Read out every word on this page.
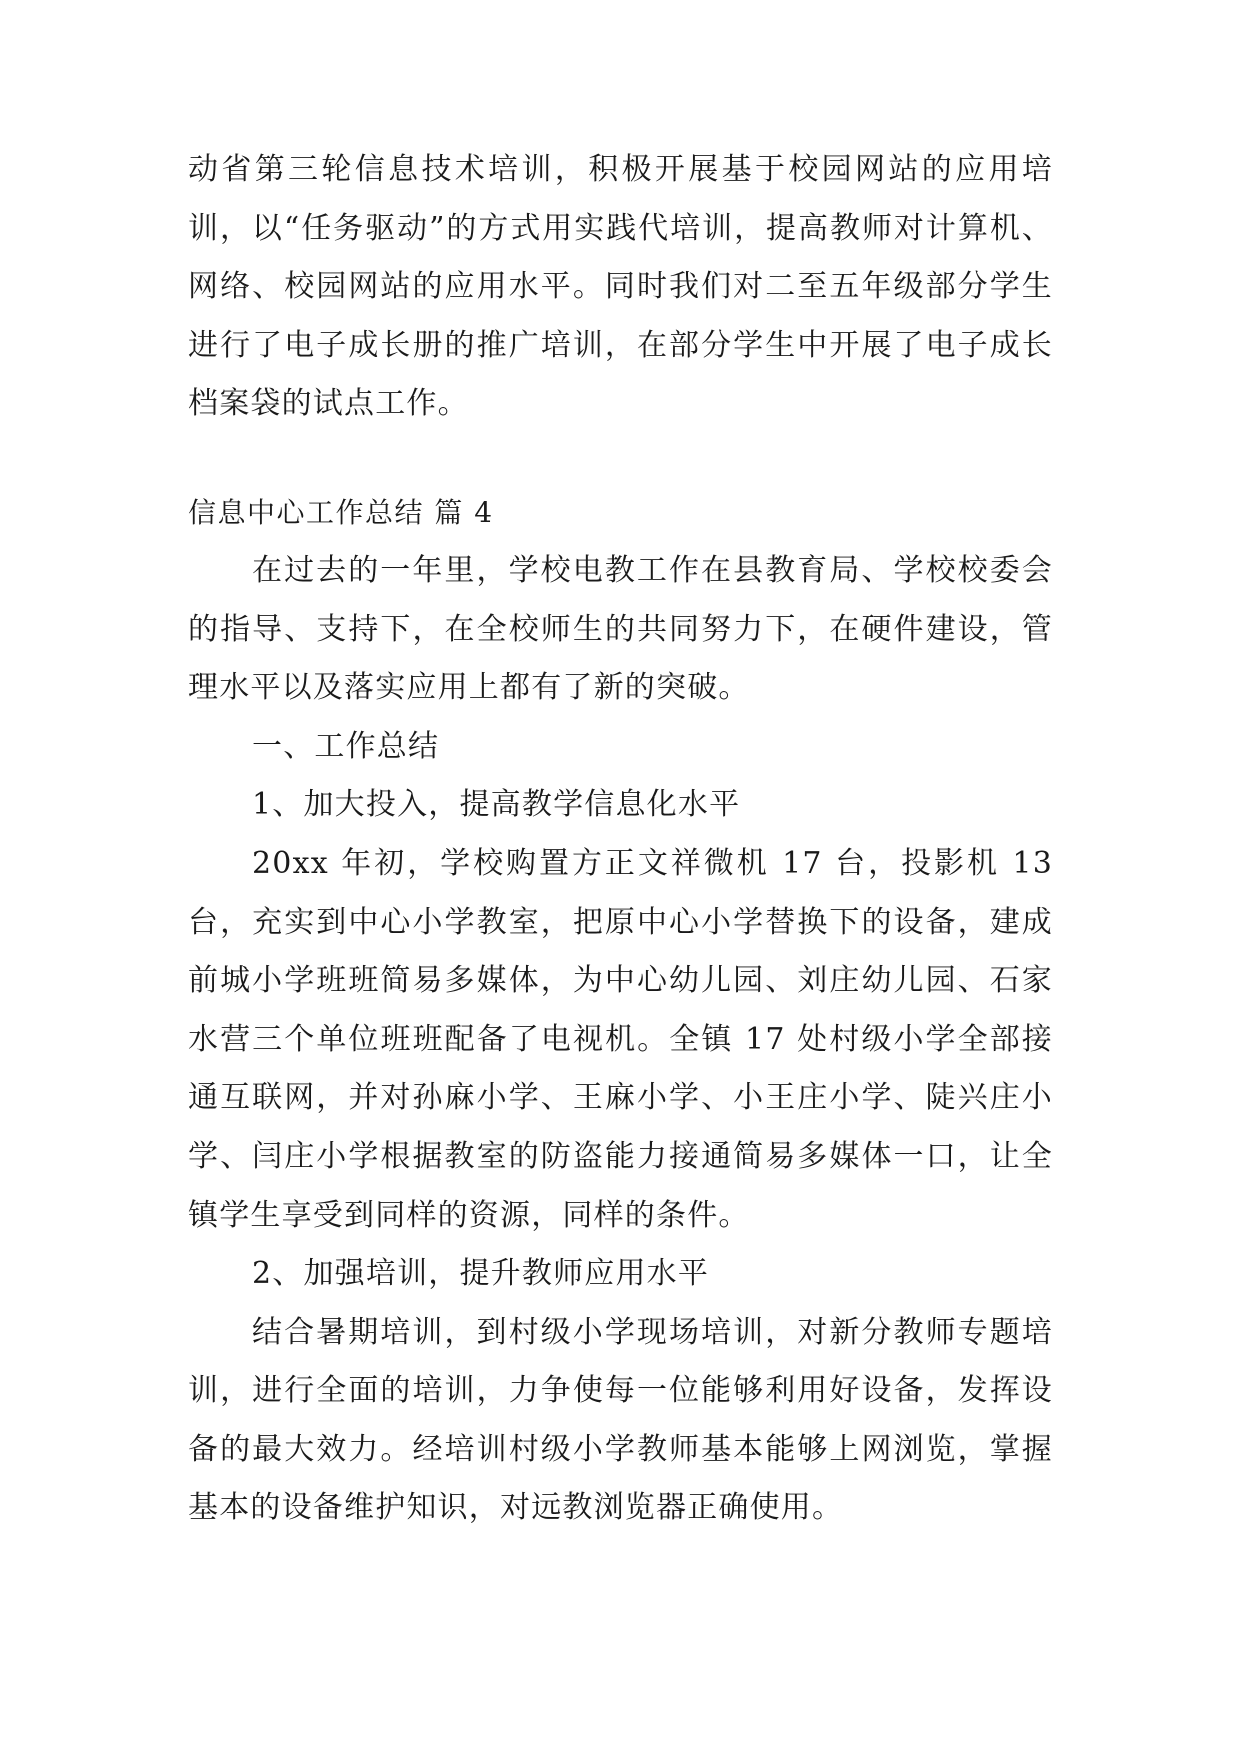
动省第三轮信息技术培训，积极开展基于校园网站的应用培训，以“任务驱动”的方式用实践代培训，提高教师对计算机、网络、校园网站的应用水平。同时我们对二至五年级部分学生进行了电子成长册的推广培训，在部分学生中开展了电子成长档案袋的试点工作。

信息中心工作总结 篇 4

在过去的一年里，学校电教工作在县教育局、学校校委会的指导、支持下，在全校师生的共同努力下，在硬件建设，管理水平以及落实应用上都有了新的突破。

一、工作总结

1、加大投入，提高教学信息化水平

20xx 年初，学校购置方正文祥微机 17 台，投影机 13 台，充实到中心小学教室，把原中心小学替换下的设备，建成前城小学班班简易多媒体，为中心幼儿园、刘庄幼儿园、石家水营三个单位班班配备了电视机。全镇 17 处村级小学全部接通互联网，并对孙麻小学、王麻小学、小王庄小学、陡兴庄小学、闫庄小学根据教室的防盗能力接通简易多媒体一口，让全镇学生享受到同样的资源，同样的条件。

2、加强培训，提升教师应用水平

结合暑期培训，到村级小学现场培训，对新分教师专题培训，进行全面的培训，力争使每一位能够利用好设备，发挥设备的最大效力。经培训村级小学教师基本能够上网浏览，掌握基本的设备维护知识，对远教浏览器正确使用。
